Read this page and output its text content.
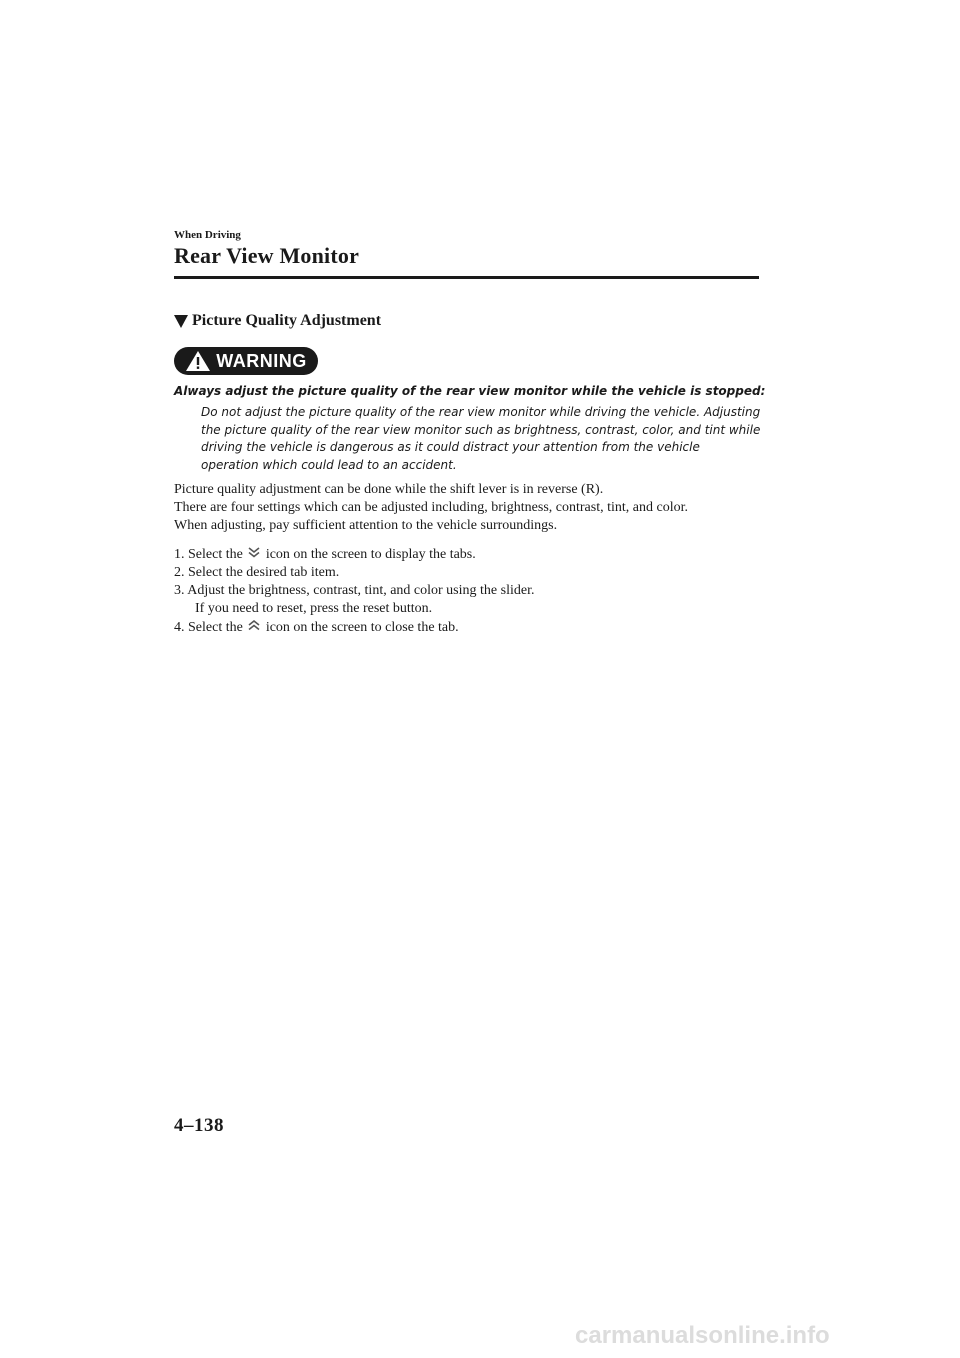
When Driving
Rear View Monitor
Picture Quality Adjustment
WARNING
Always adjust the picture quality of the rear view monitor while the vehicle is stopped:
Do not adjust the picture quality of the rear view monitor while driving the vehicle. Adjusting the picture quality of the rear view monitor such as brightness, contrast, color, and tint while driving the vehicle is dangerous as it could distract your attention from the vehicle operation which could lead to an accident.
Picture quality adjustment can be done while the shift lever is in reverse (R).
There are four settings which can be adjusted including, brightness, contrast, tint, and color.
When adjusting, pay sufficient attention to the vehicle surroundings.
1. Select the  icon on the screen to display the tabs.
2. Select the desired tab item.
3. Adjust the brightness, contrast, tint, and color using the slider.
If you need to reset, press the reset button.
4. Select the  icon on the screen to close the tab.
4–138
carmanualsonline.info
